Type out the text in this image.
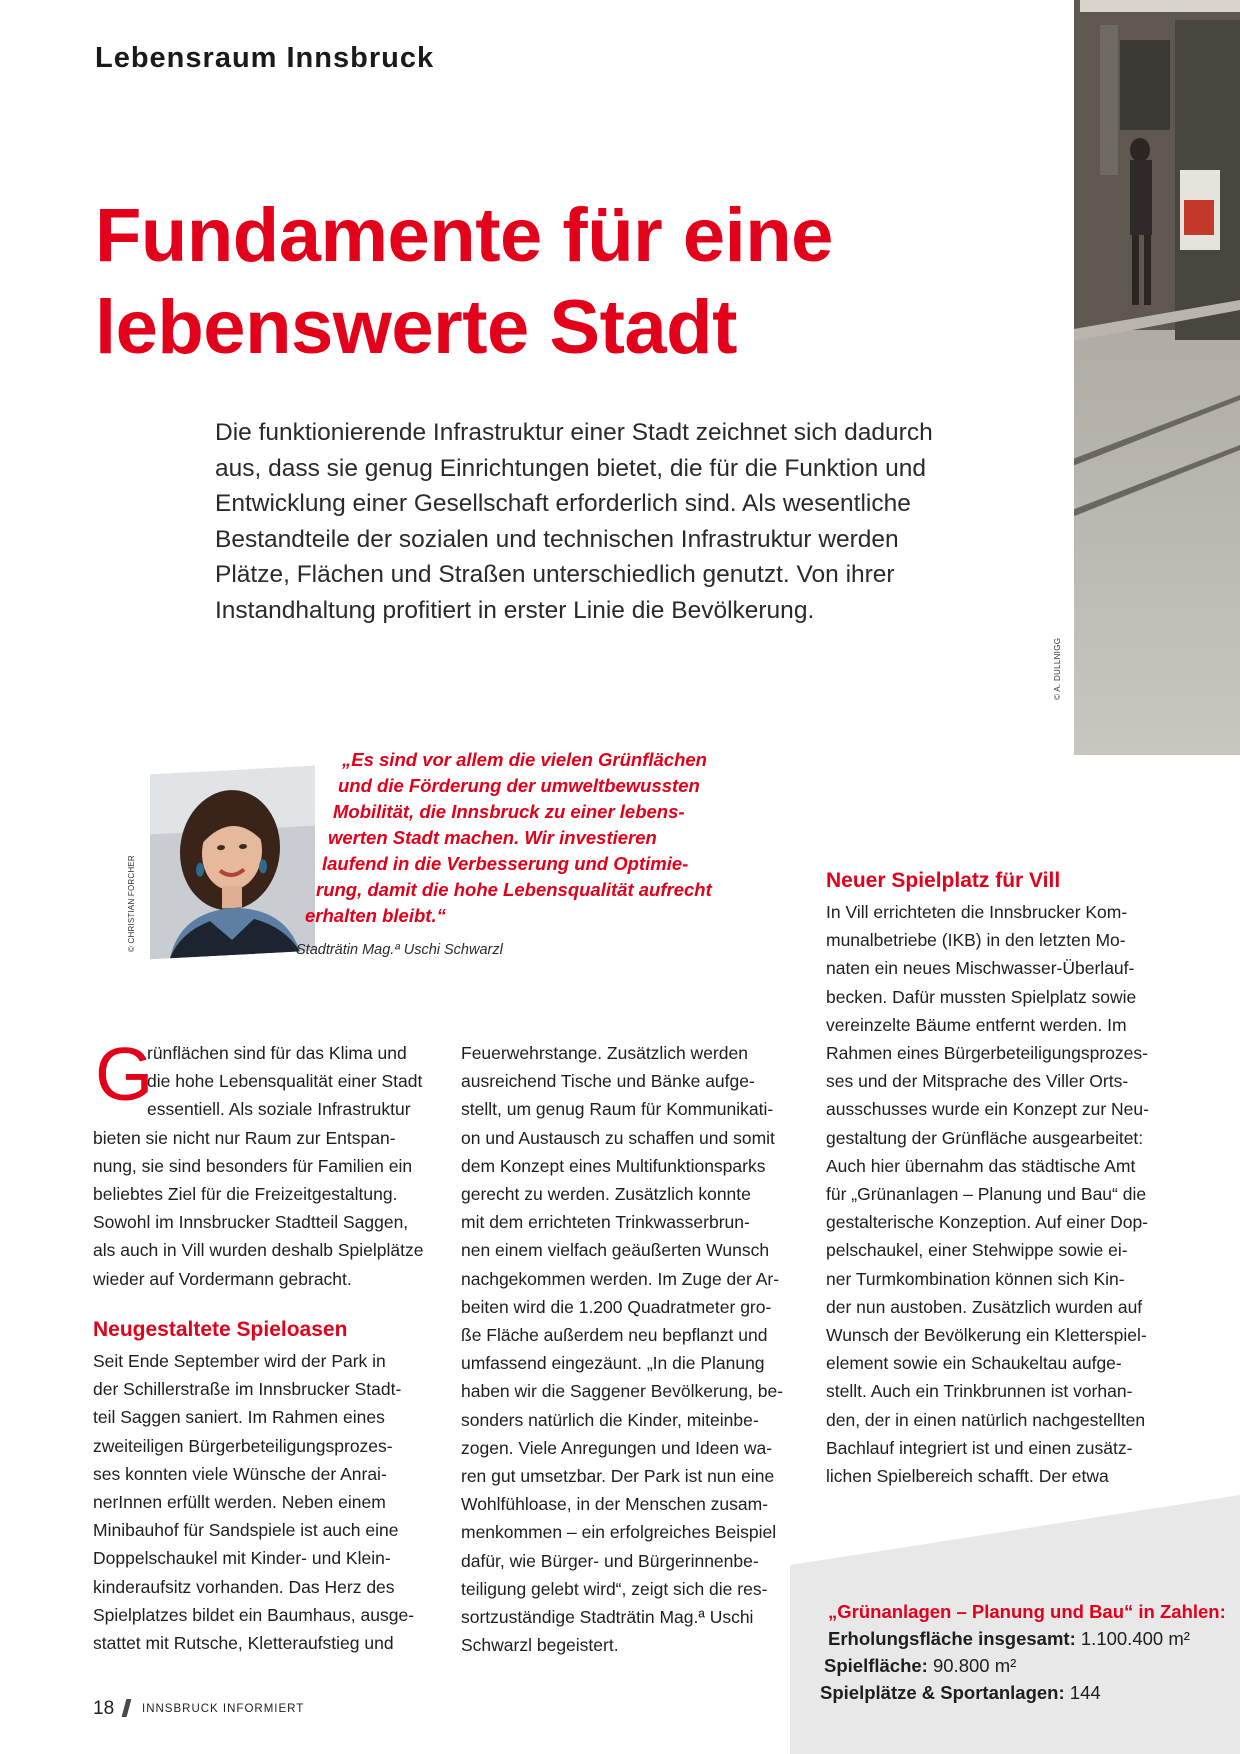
© A. DULLNIGG
Lebensraum Innsbruck
Fundamente für eine
lebenswerte Stadt
Die funktionierende Infrastruktur einer Stadt zeichnet sich dadurch
aus, dass sie genug Einrichtungen bietet, die für die Funktion und
Entwicklung einer Gesellschaft erforderlich sind. Als wesentliche
Bestandteile der sozialen und technischen Infrastruktur werden
Plätze, Flächen und Straßen unterschiedlich genutzt. Von ihrer
Instandhaltung profitiert in erster Linie die Bevölkerung.
© CHRISTIAN FORCHER
„Es sind vor allem die vielen Grünflächen
und die Förderung der umweltbewussten
Mobilität, die Innsbruck zu einer lebens-
werten Stadt machen. Wir investieren
laufend in die Verbesserung und Optimie-
rung, damit die hohe Lebensqualität aufrecht
erhalten bleibt.“
Stadträtin Mag.ª Uschi Schwarzl
G

rünflächen sind für das Klima und

die hohe Lebensqualität einer Stadt

essentiell. Als soziale Infrastruktur

bieten sie nicht nur Raum zur Entspan-

nung, sie sind besonders für Familien ein

beliebtes Ziel für die Freizeitgestaltung.

Sowohl im Innsbrucker Stadtteil Saggen,

als auch in Vill wurden deshalb Spielplätze

wieder auf Vordermann gebracht.

Neugestaltete Spieloasen

Seit Ende September wird der Park in

der Schillerstraße im Innsbrucker Stadt-

teil Saggen saniert. Im Rahmen eines

zweiteiligen Bürgerbeteiligungsprozes-

ses konnten viele Wünsche der Anrai-

nerInnen erfüllt werden. Neben einem

Minibauhof für Sandspiele ist auch eine

Doppelschaukel mit Kinder- und Klein-

kinderaufsitz vorhanden. Das Herz des

Spielplatzes bildet ein Baumhaus, ausge-

stattet mit Rutsche, Kletteraufstieg und

Feuerwehrstange. Zusätzlich werden

ausreichend Tische und Bänke aufge-

stellt, um genug Raum für Kommunikati-

on und Austausch zu schaffen und somit

dem Konzept eines Multifunktionsparks

gerecht zu werden. Zusätzlich konnte

mit dem errichteten Trinkwasserbrun-

nen einem vielfach geäußerten Wunsch

nachgekommen werden. Im Zuge der Ar-

beiten wird die 1.200 Quadratmeter gro-

ße Fläche außerdem neu bepflanzt und

umfassend eingezäunt. „In die Planung

haben wir die Saggener Bevölkerung, be-

sonders natürlich die Kinder, miteinbe-

zogen. Viele Anregungen und Ideen wa-

ren gut umsetzbar. Der Park ist nun eine

Wohlfühloase, in der Menschen zusam-

menkommen – ein erfolgreiches Beispiel

dafür, wie Bürger- und Bürgerinnenbe-

teiligung gelebt wird“, zeigt sich die res-

sortzuständige Stadträtin Mag.ª Uschi

Schwarzl begeistert.

Neuer Spielplatz für Vill

In Vill errichteten die Innsbrucker Kom-

munalbetriebe (IKB) in den letzten Mo-

naten ein neues Mischwasser-Überlauf-

becken. Dafür mussten Spielplatz sowie

vereinzelte Bäume entfernt werden. Im

Rahmen eines Bürgerbeteiligungsprozes-

ses und der Mitsprache des Viller Orts-

ausschusses wurde ein Konzept zur Neu-

gestaltung der Grünfläche ausgearbeitet:

Auch hier übernahm das städtische Amt

für „Grünanlagen – Planung und Bau“ die

gestalterische Konzeption. Auf einer Dop-

pelschaukel, einer Stehwippe sowie ei-

ner Turmkombination können sich Kin-

der nun austoben. Zusätzlich wurden auf

Wunsch der Bevölkerung ein Kletterspiel-

element sowie ein Schaukeltau aufge-

stellt. Auch ein Trinkbrunnen ist vorhan-

den, der in einen natürlich nachgestellten

Bachlauf integriert ist und einen zusätz-

lichen Spielbereich schafft. Der etwa

„Grünanlagen – Planung und Bau“ in Zahlen:
Erholungsfläche insgesamt: 1.100.400 m²
Spielfläche: 90.800 m²
Spielplätze & Sportanlagen: 144
18 INNSBRUCK INFORMIERT
